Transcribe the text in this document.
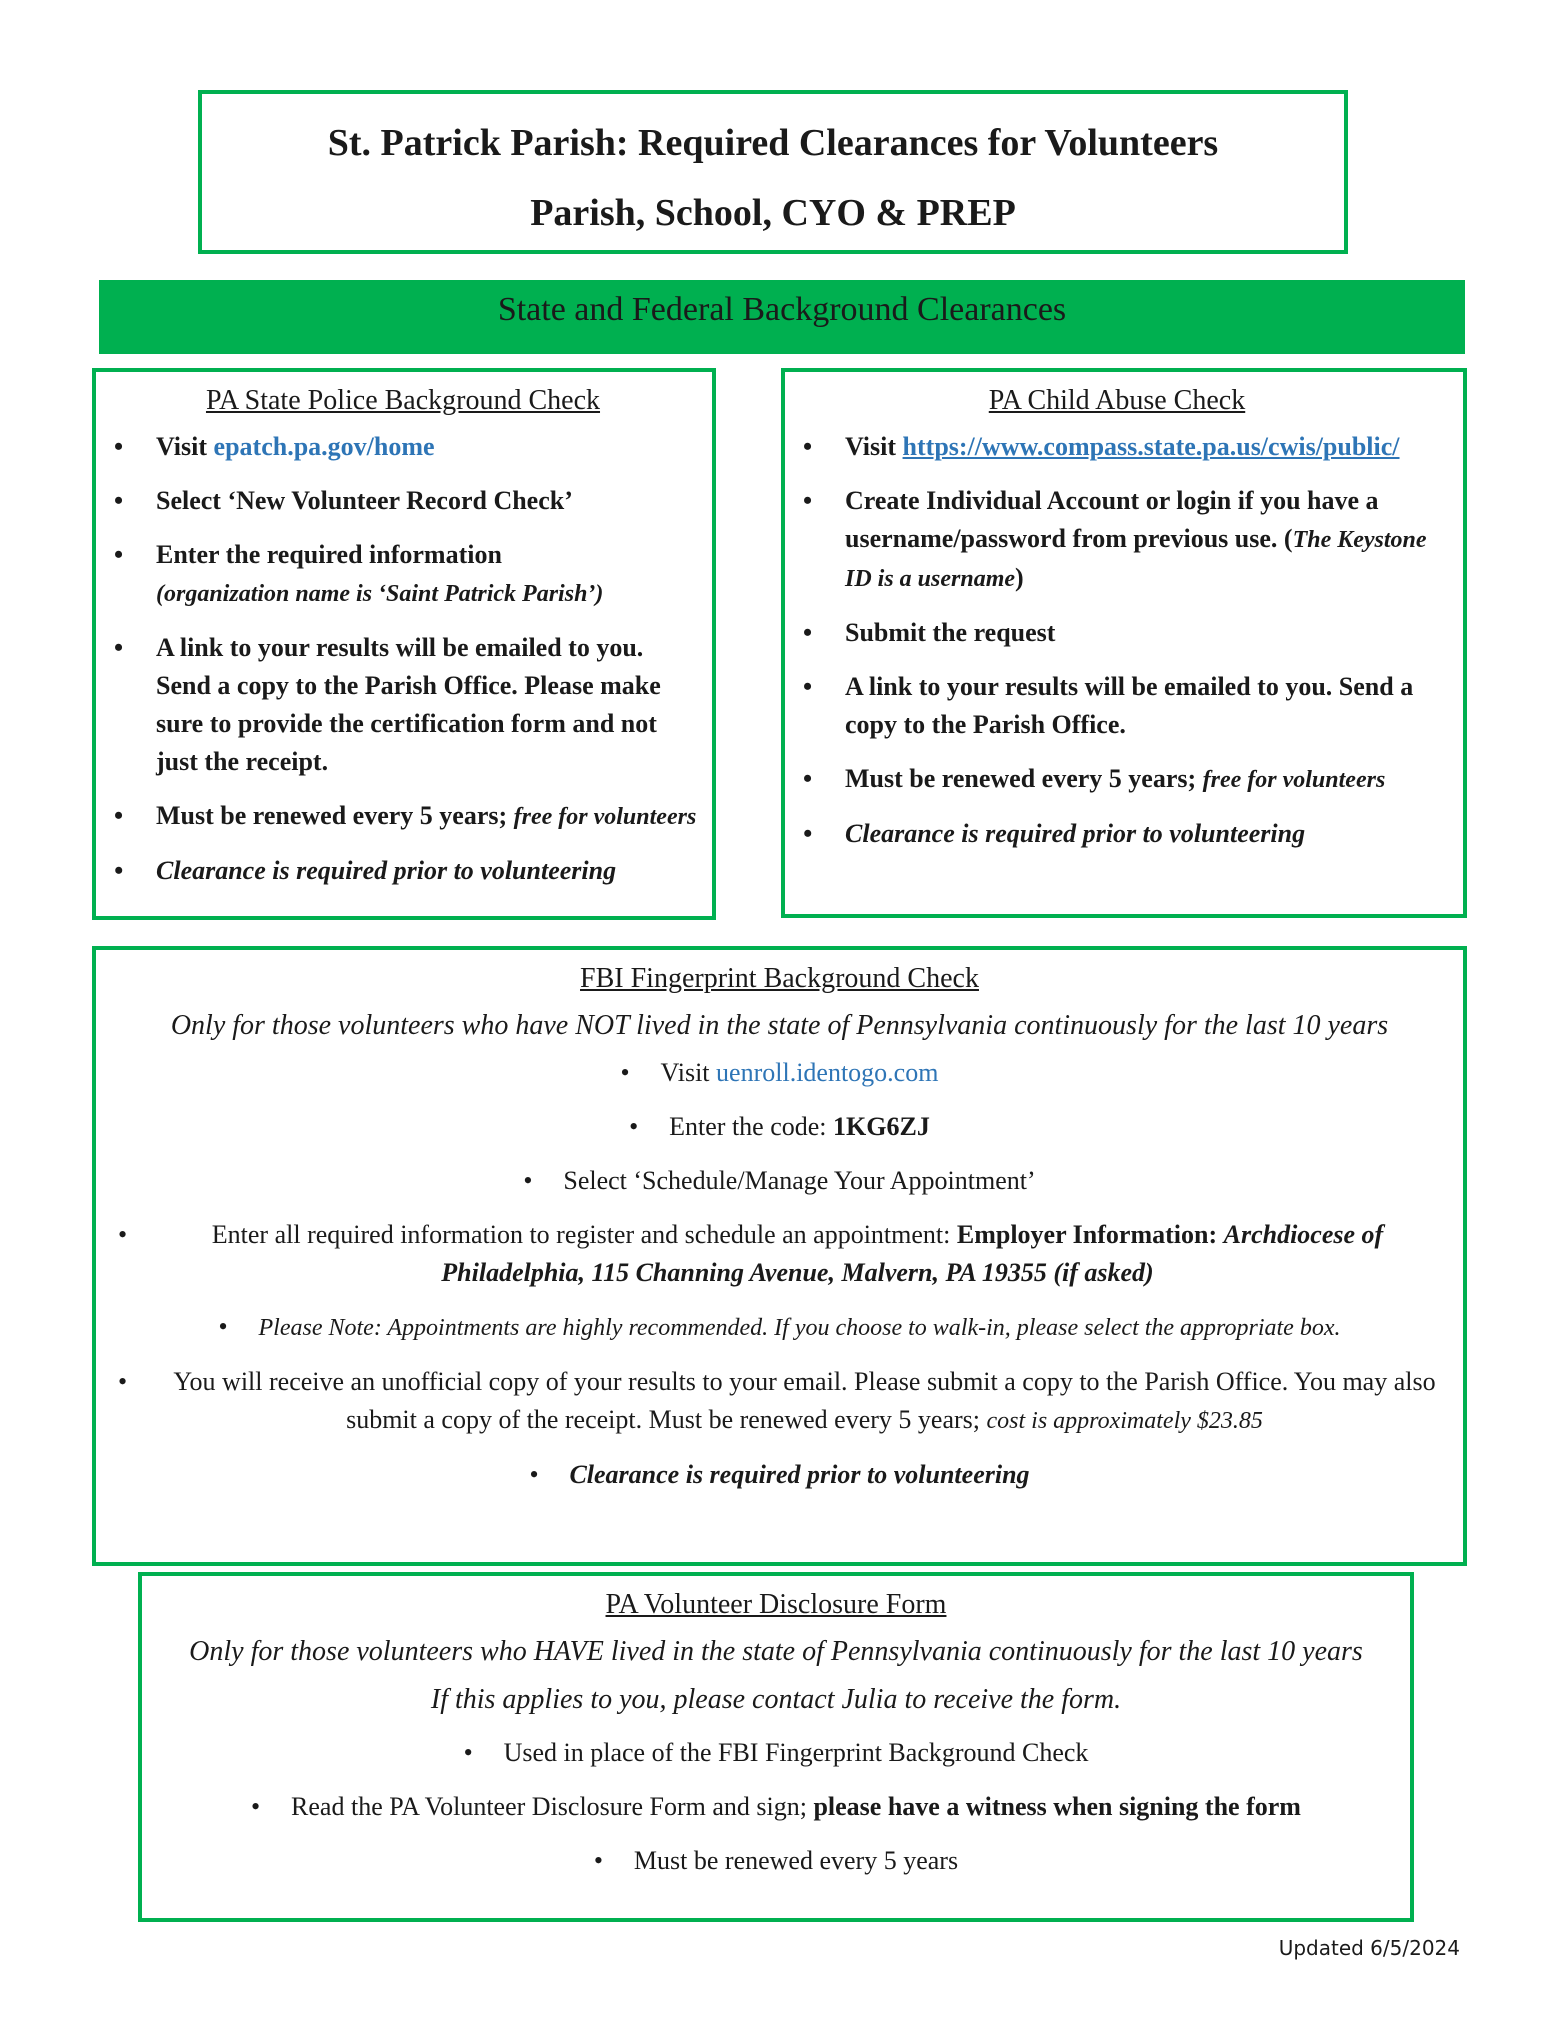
St. Patrick Parish: Required Clearances for Volunteers
Parish, School, CYO & PREP
State and Federal Background Clearances
PA State Police Background Check
• Visit epatch.pa.gov/home
• Select ‘New Volunteer Record Check’
• Enter the required information
(organization name is ‘Saint Patrick Parish’)
• A link to your results will be emailed to you. Send a copy to the Parish Office. Please make sure to provide the certification form and not just the receipt.
• Must be renewed every 5 years; free for volunteers
• Clearance is required prior to volunteering
PA Child Abuse Check
• Visit https://www.compass.state.pa.us/cwis/public/
• Create Individual Account or login if you have a username/password from previous use. (The Keystone ID is a username)
• Submit the request
• A link to your results will be emailed to you. Send a copy to the Parish Office.
• Must be renewed every 5 years; free for volunteers
• Clearance is required prior to volunteering
FBI Fingerprint Background Check
Only for those volunteers who have NOT lived in the state of Pennsylvania continuously for the last 10 years
• Visit uenroll.identogo.com
• Enter the code: 1KG6ZJ
• Select ‘Schedule/Manage Your Appointment’
•	Enter all required information to register and schedule an appointment: Employer Information: Archdiocese of Philadelphia, 115 Channing Avenue, Malvern, PA 19355 (if asked)
• Please Note: Appointments are highly recommended. If you choose to walk-in, please select the appropriate box.
•	You will receive an unofficial copy of your results to your email. Please submit a copy to the Parish Office. You may also submit a copy of the receipt. Must be renewed every 5 years; cost is approximately $23.85
• Clearance is required prior to volunteering
PA Volunteer Disclosure Form
Only for those volunteers who HAVE lived in the state of Pennsylvania continuously for the last 10 years
If this applies to you, please contact Julia to receive the form.
• Used in place of the FBI Fingerprint Background Check
• Read the PA Volunteer Disclosure Form and sign; please have a witness when signing the form
• Must be renewed every 5 years
Updated 6/5/2024
